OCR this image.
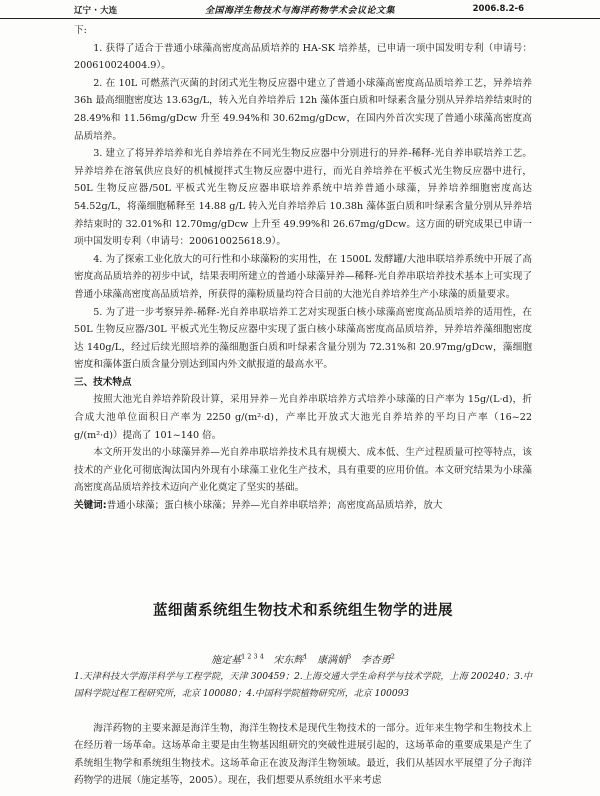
辽宁 · 大连	全国海洋生物技术与海洋药物学术会议论文集	2006.8.2-6

下:

1. 获得了适合于普通小球藻高密度高品质培养的 HA-SK 培养基，已申请一项中国发明专利（申请号：200610024004.9）。

2. 在 10L 可燃蒸汽灭菌的封闭式光生物反应器中建立了普通小球藻高密度高品质培养工艺，异养培养 36h 最高细胞密度达 13.63g/L，转入光自养培养后 12h 藻体蛋白质和叶绿素含量分别从异养培养结束时的 28.49%和 11.56mg/gDcw 升至 49.94%和 30.62mg/gDcw，在国内外首次实现了普通小球藻高密度高品质培养。

3. 建立了将异养培养和光自养培养在不同光生物反应器中分别进行的异养-稀释-光自养串联培养工艺。异养培养在溶氧供应良好的机械搅拌式生物反应器中进行，而光自养培养在平板式光生物反应器中进行，50L 生物反应器/50L 平板式光生物反应器串联培养系统中培养普通小球藻，异养培养细胞密度高达 54.52g/L，将藻细胞稀释至 14.88 g/L 转入光自养培养后 10.38h 藻体蛋白质和叶绿素含量分别从异养培养结束时的 32.01%和 12.70mg/gDcw 上升至 49.99%和 26.67mg/gDcw。这方面的研究成果已申请一项中国发明专利（申请号：200610025618.9）。

4. 为了探索工业化放大的可行性和小球藻粉的实用性，在 1500L 发酵罐/大池串联培养系统中开展了高密度高品质培养的初步中试，结果表明所建立的普通小球藻异养—稀释-光自养串联培养技术基本上可实现了普通小球藻高密度高品质培养，所获得的藻粉质量均符合目前的大池光自养培养生产小球藻的质量要求。

5. 为了进一步考察异养-稀释-光自养串联培养工艺对实现蛋白核小球藻高密度高品质培养的适用性，在 50L 生物反应器/30L 平板式光生物反应器中实现了蛋白核小球藻高密度高品质培养，异养培养藻细胞密度达 140g/L，经过后续光照培养的藻细胞蛋白质和叶绿素含量分别为 72.31%和 20.97mg/gDcw，藻细胞密度和藻体蛋白质含量分别达到国内外文献报道的最高水平。

三、技术特点

按照大池光自养培养阶段计算，采用异养－光自养串联培养方式培养小球藻的日产率为 15g/(L·d)，折合成大池单位面积日产率为 2250 g/(m²·d)，产率比开放式大池光自养培养的平均日产率（16~22 g/(m²·d)）提高了 101~140 倍。

本文所开发出的小球藻异养—光自养串联培养技术具有规模大、成本低、生产过程质量可控等特点，该技术的产业化可彻底淘汰国内外现有小球藻工业化生产技术，具有重要的应用价值。本文研究结果为小球藻高密度高品质培养技术迈向产业化奠定了坚实的基础。

关键词:普通小球藻；蛋白核小球藻；异养—光自养串联培养；高密度高品质培养，放大

蓝细菌系统组生物技术和系统组生物学的进展
施定基$^{1 2 3 4}$ 宋东辉$^1$ 康满娟$^3$ 李杏勇$^2$
1.天津科技大学海洋科学与工程学院，天津 300459；2.上海交通大学生命科学与技术学院，上海 200240；3.中国科学院过程工程研究所，北京 100080；4.中国科学院植物研究所，北京 100093
海洋药物的主要来源是海洋生物，海洋生物技术是现代生物技术的一部分。近年来生物学和生物技术上在经历着一场革命。这场革命主要是由生物基因组研究的突破性进展引起的，这场革命的重要成果是产生了系统组生物学和系统组生物技术。这场革命正在波及海洋生物领域。最近，我们从基因水平展望了分子海洋药物学的进展（施定基等，2005）。现在，我们想要从系统组水平来考虑
